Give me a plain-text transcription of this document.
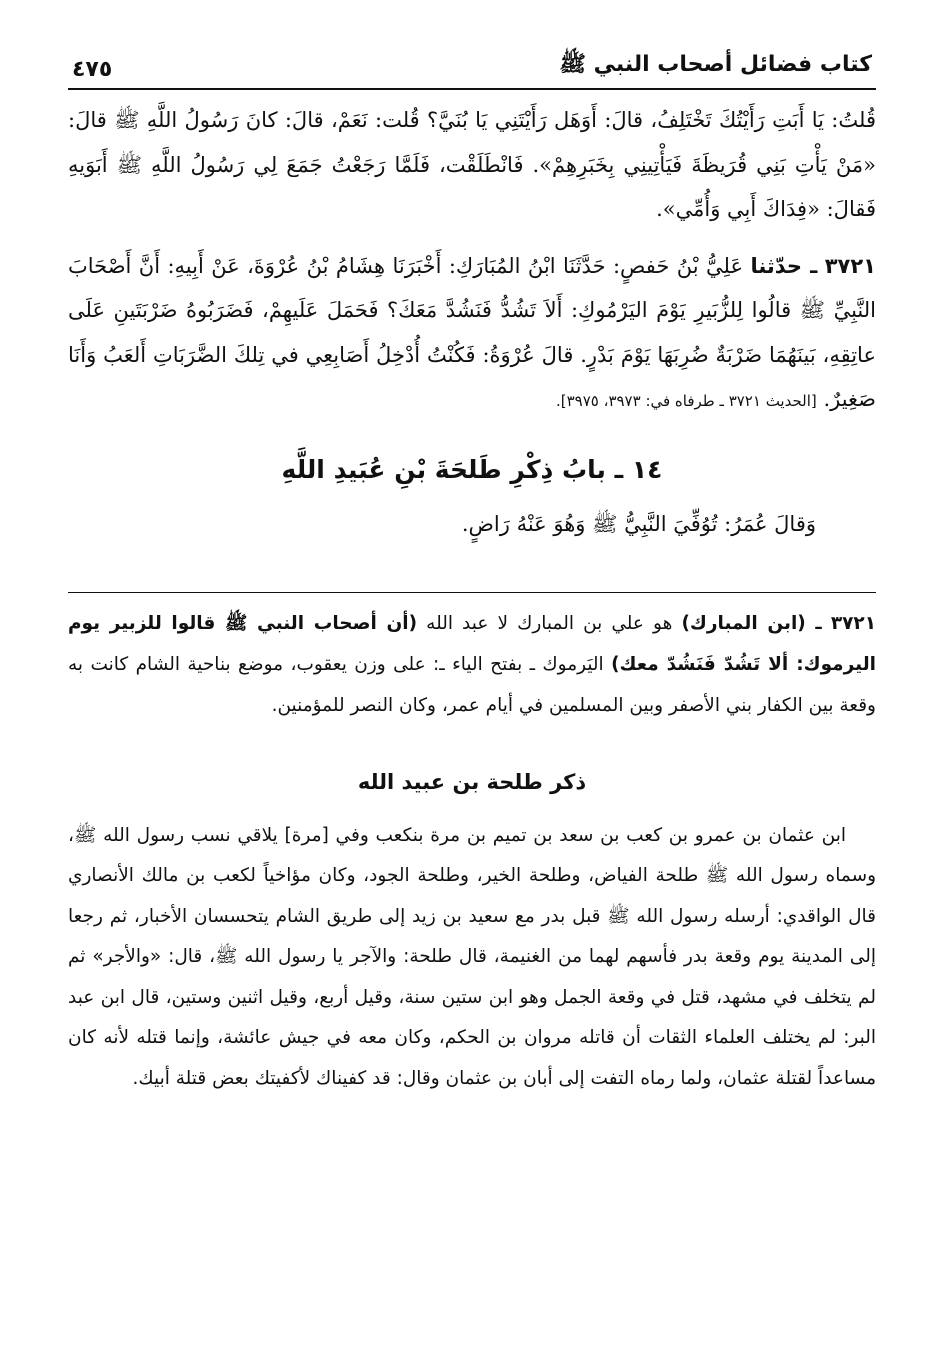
كتاب فضائل أصحاب النبي ﷺ
٤٧٥

قُلتُ: يَا أَبَتِ رَأَيْتُكَ تَخْتَلِفُ، قالَ: أَوَهَل رَأَيْتَنِي يَا بُنَيَّ؟ قُلت: نَعَمْ، قالَ: كانَ رَسُولُ اللَّهِ ﷺ قالَ: «مَنْ يَأْتِ بَنِي قُرَيظَةَ فَيَأْتِينِي بِخَبَرِهِمْ». فَانْطَلَقْت، فَلَمَّا رَجَعْتُ جَمَعَ لِي رَسُولُ اللَّهِ ﷺ أَبَوَيهِ فَقالَ: «فِدَاكَ أَبِي وَأُمِّي».

٣٧٢١ ـ حدّثنا عَلِيُّ بْنُ حَفصٍ: حَدَّثَنَا ابْنُ المُبَارَكِ: أَخْبَرَنَا هِشَامُ بْنُ عُرْوَةَ، عَنْ أَبِيهِ: أَنَّ أَصْحَابَ النَّبِيِّ ﷺ قالُوا لِلزُّبَيرِ يَوْمَ اليَرْمُوكِ: أَلاَ تَشُدُّ فَنَشُدَّ مَعَكَ؟ فَحَمَلَ عَلَيهِمْ، فَضَرَبُوهُ ضَرْبَتَينِ عَلَى عاتِقِهِ، بَينَهُمَا ضَرْبَةٌ ضُرِبَهَا يَوْمَ بَدْرٍ. قالَ عُرْوَةُ: فَكُنْتُ أُدْخِلُ أَصَابِعِي في تِلكَ الضَّرَبَاتِ أَلعَبُ وَأَنَا صَغِيرٌ. [الحديث ٣٧٢١ ـ طرفاه في: ٣٩٧٣، ٣٩٧٥].

١٤ ـ بابُ ذِكْرِ طَلحَةَ بْنِ عُبَيدِ اللَّهِ

وَقالَ عُمَرُ: تُوُفِّيَ النَّبِيُّ ﷺ وَهُوَ عَنْهُ رَاضٍ.

٣٧٢١ ـ (ابن المبارك) هو علي بن المبارك لا عبد الله (أن أصحاب النبي ﷺ قالوا للزبير يوم اليرموك: ألا تَشُدّ فَنَشُدّ معك) اليَرموك ـ بفتح الياء ـ: على وزن يعقوب، موضع بناحية الشام كانت به وقعة بين الكفار بني الأصفر وبين المسلمين في أيام عمر، وكان النصر للمؤمنين.

ذكر طلحة بن عبيد الله

ابن عثمان بن عمرو بن كعب بن سعد بن تميم بن مرة بنكعب وفي [مرة] يلاقي نسب رسول الله ﷺ، وسماه رسول الله ﷺ طلحة الفياض، وطلحة الخير، وطلحة الجود، وكان مؤاخياً لكعب بن مالك الأنصاري قال الواقدي: أرسله رسول الله ﷺ قبل بدر مع سعيد بن زيد إلى طريق الشام يتحسسان الأخبار، ثم رجعا إلى المدينة يوم وقعة بدر فأسهم لهما من الغنيمة، قال طلحة: والآجر يا رسول الله ﷺ، قال: «والأجر» ثم لم يتخلف في مشهد، قتل في وقعة الجمل وهو ابن ستين سنة، وقيل أربع، وقيل اثنين وستين، قال ابن عبد البر: لم يختلف العلماء الثقات أن قاتله مروان بن الحكم، وكان معه في جيش عائشة، وإنما قتله لأنه كان مساعداً لقتلة عثمان، ولما رماه التفت إلى أبان بن عثمان وقال: قد كفيناك لأكفيتك بعض قتلة أبيك.
